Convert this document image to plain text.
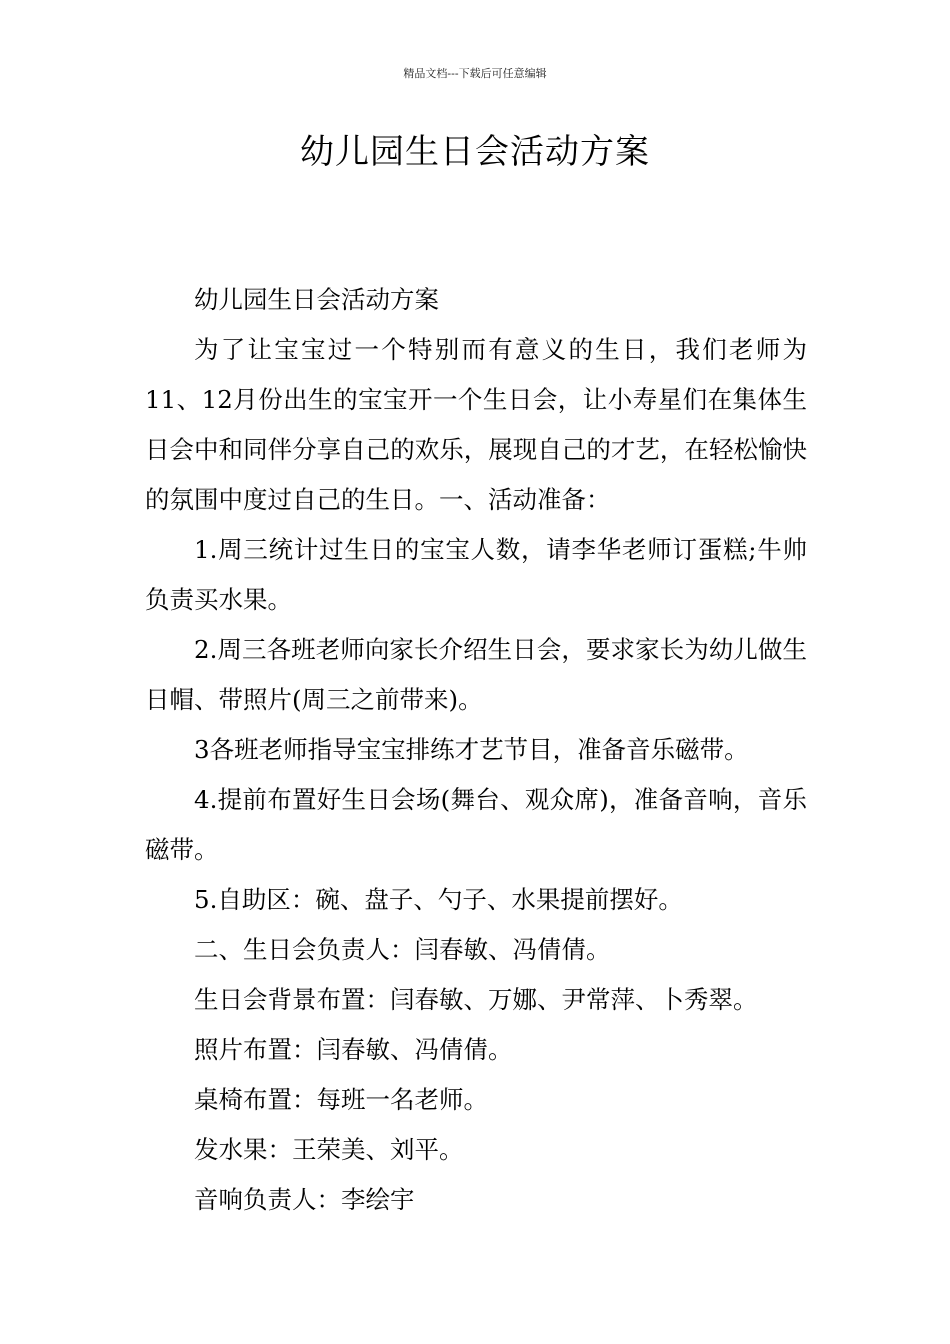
精品文档---下载后可任意编辑
幼儿园生日会活动方案

幼儿园生日会活动方案

为了让宝宝过一个特别而有意义的生日，我们老师为11、12月份出生的宝宝开一个生日会，让小寿星们在集体生日会中和同伴分享自己的欢乐，展现自己的才艺，在轻松愉快的氛围中度过自己的生日。一、活动准备：

1.周三统计过生日的宝宝人数，请李华老师订蛋糕;牛帅负责买水果。

2.周三各班老师向家长介绍生日会，要求家长为幼儿做生日帽、带照片(周三之前带来)。

3各班老师指导宝宝排练才艺节目，准备音乐磁带。

4.提前布置好生日会场(舞台、观众席)，准备音响，音乐磁带。

5.自助区：碗、盘子、勺子、水果提前摆好。

二、生日会负责人：闫春敏、冯倩倩。

生日会背景布置：闫春敏、万娜、尹常萍、卜秀翠。

照片布置：闫春敏、冯倩倩。

桌椅布置：每班一名老师。

发水果：王荣美、刘平。

音响负责人：李绘宇
